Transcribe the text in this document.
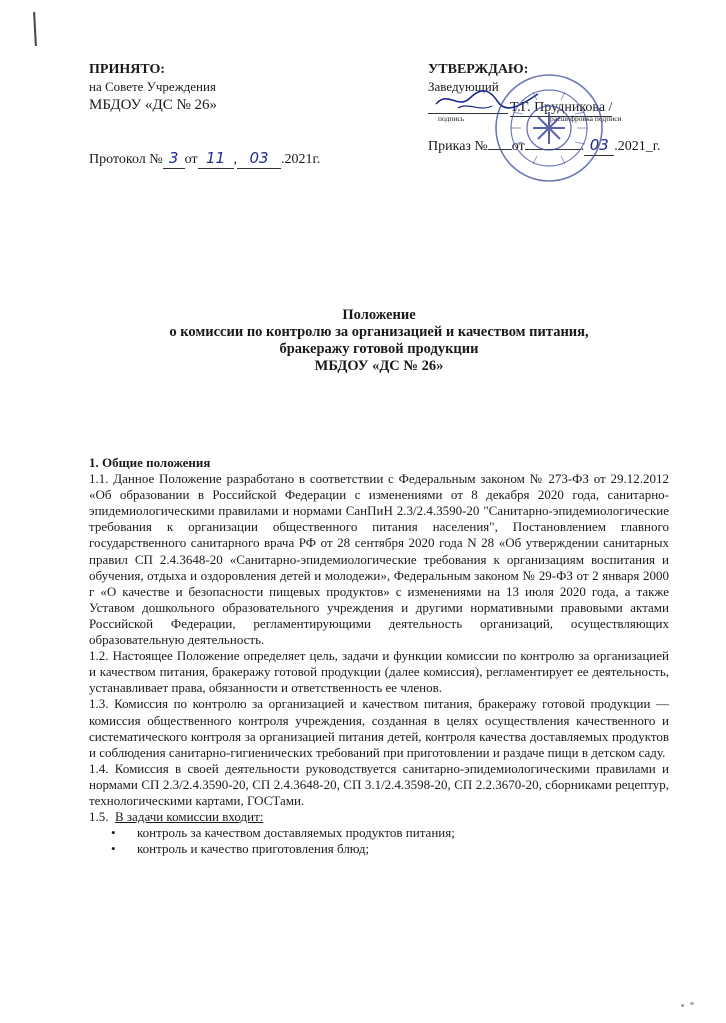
ПРИНЯТО:
на Совете Учреждения
МБДОУ «ДС № 26»
Протокол № 3 от 11 , 03 .2021г.
УТВЕРЖДАЮ:
Заведующий
Т.Г. Прудникова /
подпись	расшифровка подписи
Приказ № от	. 03 .2021_г.
Положение
о комиссии по контролю за организацией и качеством питания,
бракеражу готовой продукции
МБДОУ «ДС № 26»

1. Общие положения

1.1. Данное Положение разработано в соответствии с Федеральным законом № 273-ФЗ от 29.12.2012 «Об образовании в Российской Федерации с изменениями от 8 декабря 2020 года, санитарно-эпидемиологическими правилами и нормами СанПиН 2.3/2.4.3590-20 "Санитарно-эпидемиологические требования к организации общественного питания населения", Постановлением главного государственного санитарного врача РФ от 28 сентября 2020 года N 28 «Об утверждении санитарных правил СП 2.4.3648-20 «Санитарно-эпидемиологические требования к организациям воспитания и обучения, отдыха и оздоровления детей и молодежи», Федеральным законом № 29-ФЗ от 2 января 2000 г «О качестве и безопасности пищевых продуктов» с изменениями на 13 июля 2020 года, а также Уставом дошкольного образовательного учреждения и другими нормативными правовыми актами Российской Федерации, регламентирующими деятельность организаций, осуществляющих образовательную деятельность.

1.2. Настоящее Положение определяет цель, задачи и функции комиссии по контролю за организацией и качеством питания, бракеражу готовой продукции (далее комиссия), регламентирует ее деятельность, устанавливает права, обязанности и ответственность ее членов.

1.3. Комиссия по контролю за организацией и качеством питания, бракеражу готовой продукции — комиссия общественного контроля учреждения, созданная в целях осуществления качественного и систематического контроля за организацией питания детей, контроля качества доставляемых продуктов и соблюдения санитарно-гигиенических требований при приготовлении и раздаче пищи в детском саду.

1.4. Комиссия в своей деятельности руководствуется санитарно-эпидемиологическими правилами и нормами СП 2.3/2.4.3590-20, СП 2.4.3648-20, СП 3.1/2.4.3598-20, СП 2.2.3670-20, сборниками рецептур, технологическими картами, ГОСТами.

1.5. В задачи комиссии входит:

•	контроль за качеством доставляемых продуктов питания;
•	контроль и качество приготовления блюд;
